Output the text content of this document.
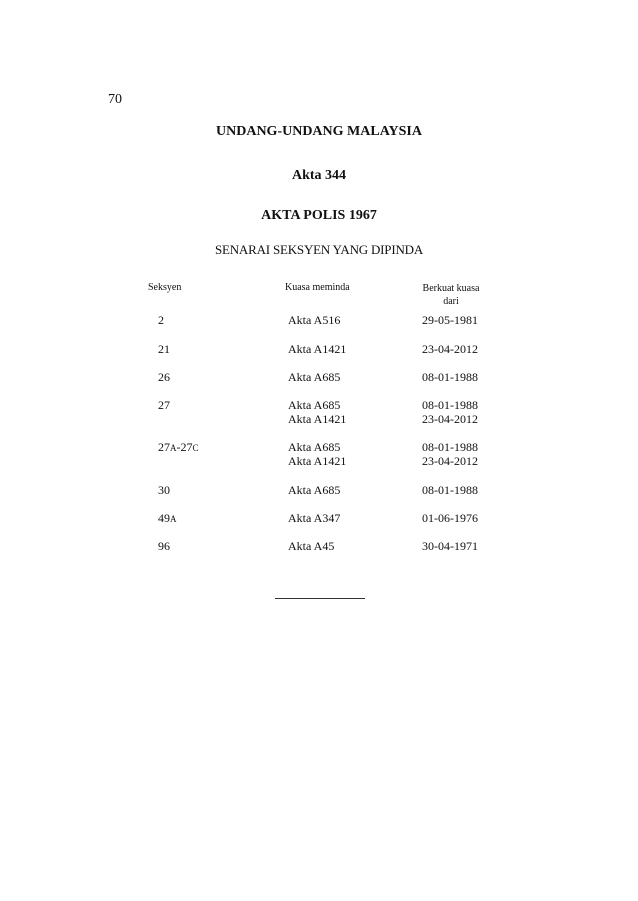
70
UNDANG-UNDANG MALAYSIA
Akta 344
AKTA POLIS 1967
SENARAI SEKSYEN YANG DIPINDA
Seksyen	Kuasa meminda	Berkuat kuasa
dari
2	Akta A516	29-05-1981
21	Akta A1421	23-04-2012
26	Akta A685	08-01-1988
27	Akta A685	08-01-1988
Akta A1421	23-04-2012
27A-27C	Akta A685	08-01-1988
Akta A1421	23-04-2012
30	Akta A685	08-01-1988
49A	Akta A347	01-06-1976
96	Akta A45	30-04-1971
